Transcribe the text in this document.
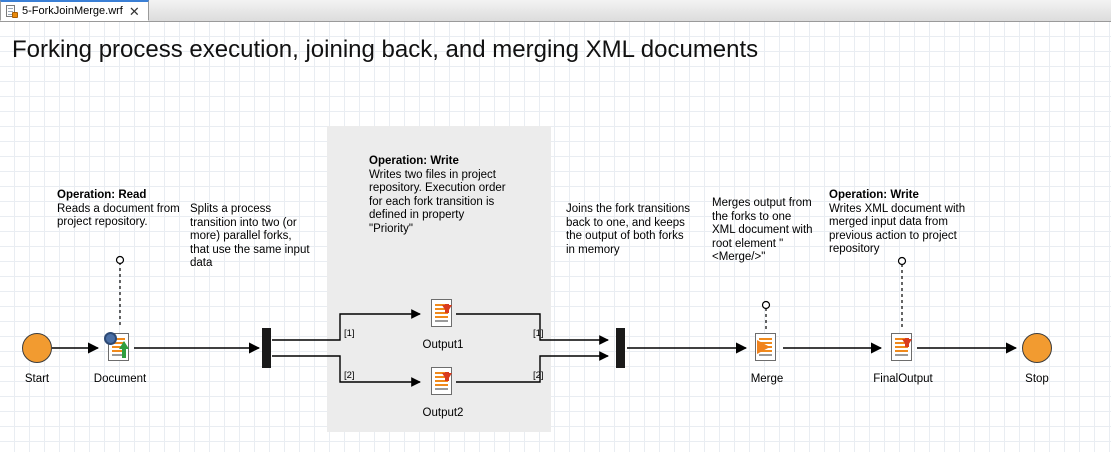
5-ForkJoinMerge.wrf ✕
Forking process execution, joining back, and merging XML documents
Operation: Read
Reads a document from project repository.
Splits a process transition into two (or more) parallel forks, that use the same input data
Operation: Write
Writes two files in project repository. Execution order for each fork transition is defined in property "Priority"
Joins the fork transitions back to one, and keeps the output of both forks in memory
Merges output from the forks to one XML document with root element "<Merge/>"
Operation: Write
Writes XML document with merged input data from previous action to project repository
Start	Document
Output1
Output2
Merge	FinalOutput	Stop
[1]
[2]
[1]
[2]
